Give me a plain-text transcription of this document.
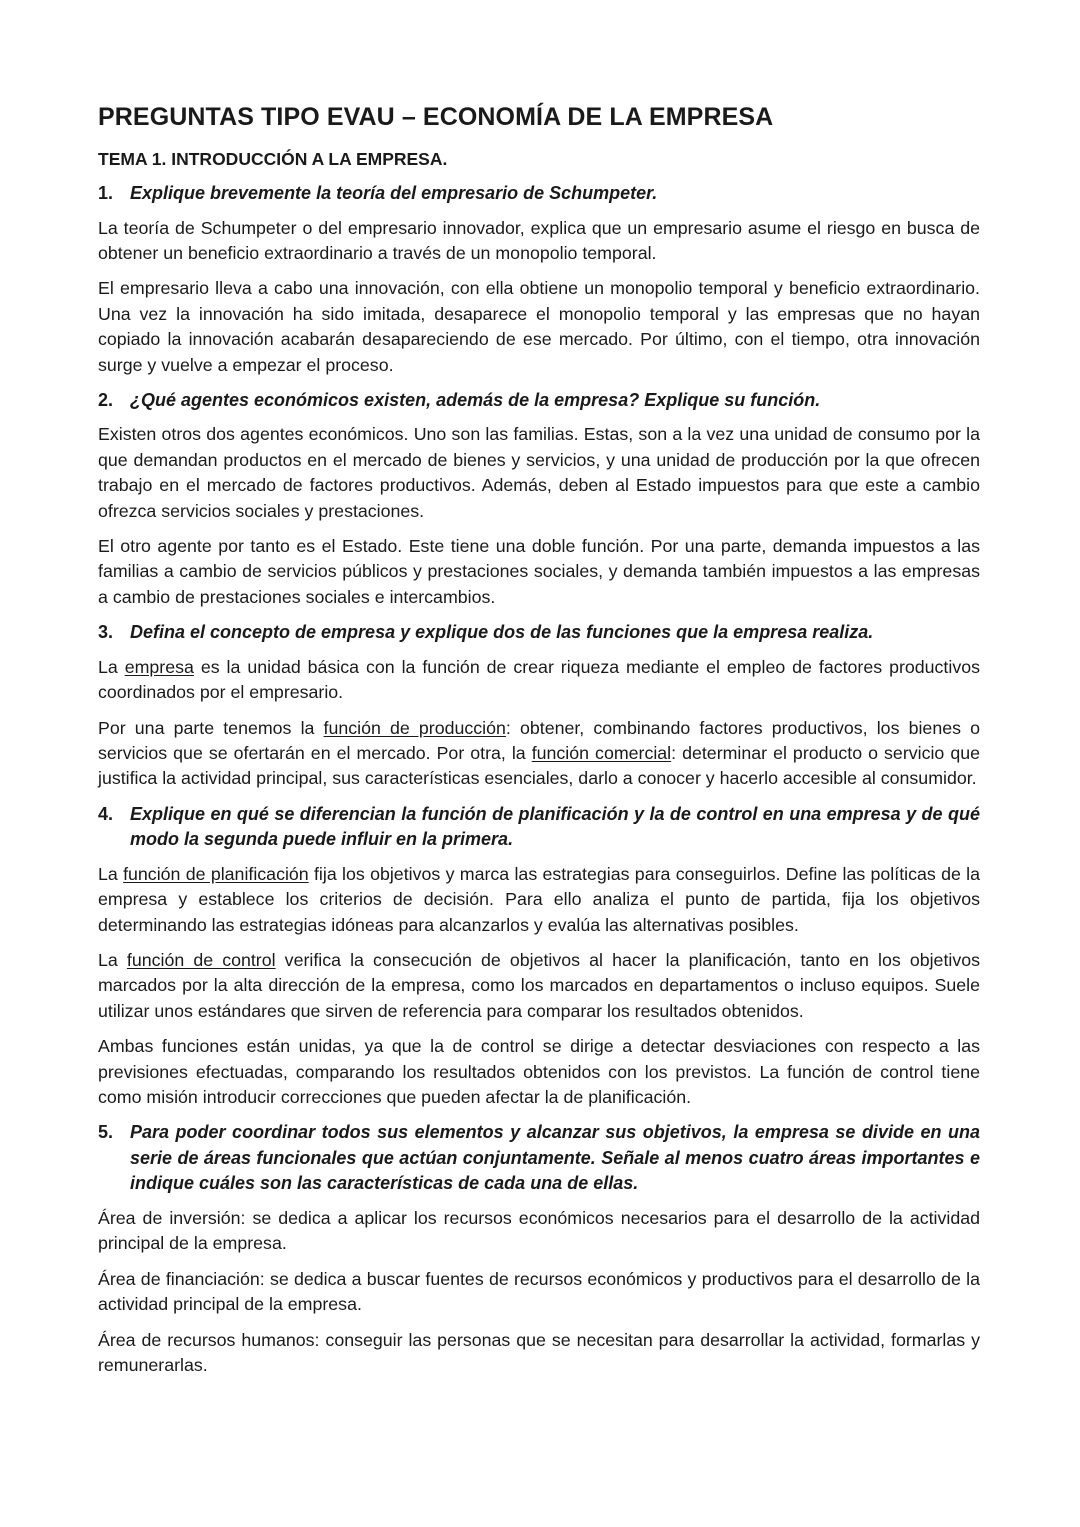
PREGUNTAS TIPO EVAU – ECONOMÍA DE LA EMPRESA
TEMA 1. INTRODUCCIÓN A LA EMPRESA.
1. Explique brevemente la teoría del empresario de Schumpeter.

La teoría de Schumpeter o del empresario innovador, explica que un empresario asume el riesgo en busca de obtener un beneficio extraordinario a través de un monopolio temporal.

El empresario lleva a cabo una innovación, con ella obtiene un monopolio temporal y beneficio extraordinario. Una vez la innovación ha sido imitada, desaparece el monopolio temporal y las empresas que no hayan copiado la innovación acabarán desapareciendo de ese mercado. Por último, con el tiempo, otra innovación surge y vuelve a empezar el proceso.

2. ¿Qué agentes económicos existen, además de la empresa? Explique su función.

Existen otros dos agentes económicos. Uno son las familias. Estas, son a la vez una unidad de consumo por la que demandan productos en el mercado de bienes y servicios, y una unidad de producción por la que ofrecen trabajo en el mercado de factores productivos. Además, deben al Estado impuestos para que este a cambio ofrezca servicios sociales y prestaciones.

El otro agente por tanto es el Estado. Este tiene una doble función. Por una parte, demanda impuestos a las familias a cambio de servicios públicos y prestaciones sociales, y demanda también impuestos a las empresas a cambio de prestaciones sociales e intercambios.

3. Defina el concepto de empresa y explique dos de las funciones que la empresa realiza.

La empresa es la unidad básica con la función de crear riqueza mediante el empleo de factores productivos coordinados por el empresario.

Por una parte tenemos la función de producción: obtener, combinando factores productivos, los bienes o servicios que se ofertarán en el mercado. Por otra, la función comercial: determinar el producto o servicio que justifica la actividad principal, sus características esenciales, darlo a conocer y hacerlo accesible al consumidor.

4. Explique en qué se diferencian la función de planificación y la de control en una empresa y de qué modo la segunda puede influir en la primera.

La función de planificación fija los objetivos y marca las estrategias para conseguirlos. Define las políticas de la empresa y establece los criterios de decisión. Para ello analiza el punto de partida, fija los objetivos determinando las estrategias idóneas para alcanzarlos y evalúa las alternativas posibles.

La función de control verifica la consecución de objetivos al hacer la planificación, tanto en los objetivos marcados por la alta dirección de la empresa, como los marcados en departamentos o incluso equipos. Suele utilizar unos estándares que sirven de referencia para comparar los resultados obtenidos.

Ambas funciones están unidas, ya que la de control se dirige a detectar desviaciones con respecto a las previsiones efectuadas, comparando los resultados obtenidos con los previstos. La función de control tiene como misión introducir correcciones que pueden afectar la de planificación.

5. Para poder coordinar todos sus elementos y alcanzar sus objetivos, la empresa se divide en una serie de áreas funcionales que actúan conjuntamente. Señale al menos cuatro áreas importantes e indique cuáles son las características de cada una de ellas.

Área de inversión: se dedica a aplicar los recursos económicos necesarios para el desarrollo de la actividad principal de la empresa.

Área de financiación: se dedica a buscar fuentes de recursos económicos y productivos para el desarrollo de la actividad principal de la empresa.

Área de recursos humanos: conseguir las personas que se necesitan para desarrollar la actividad, formarlas y remunerarlas.
